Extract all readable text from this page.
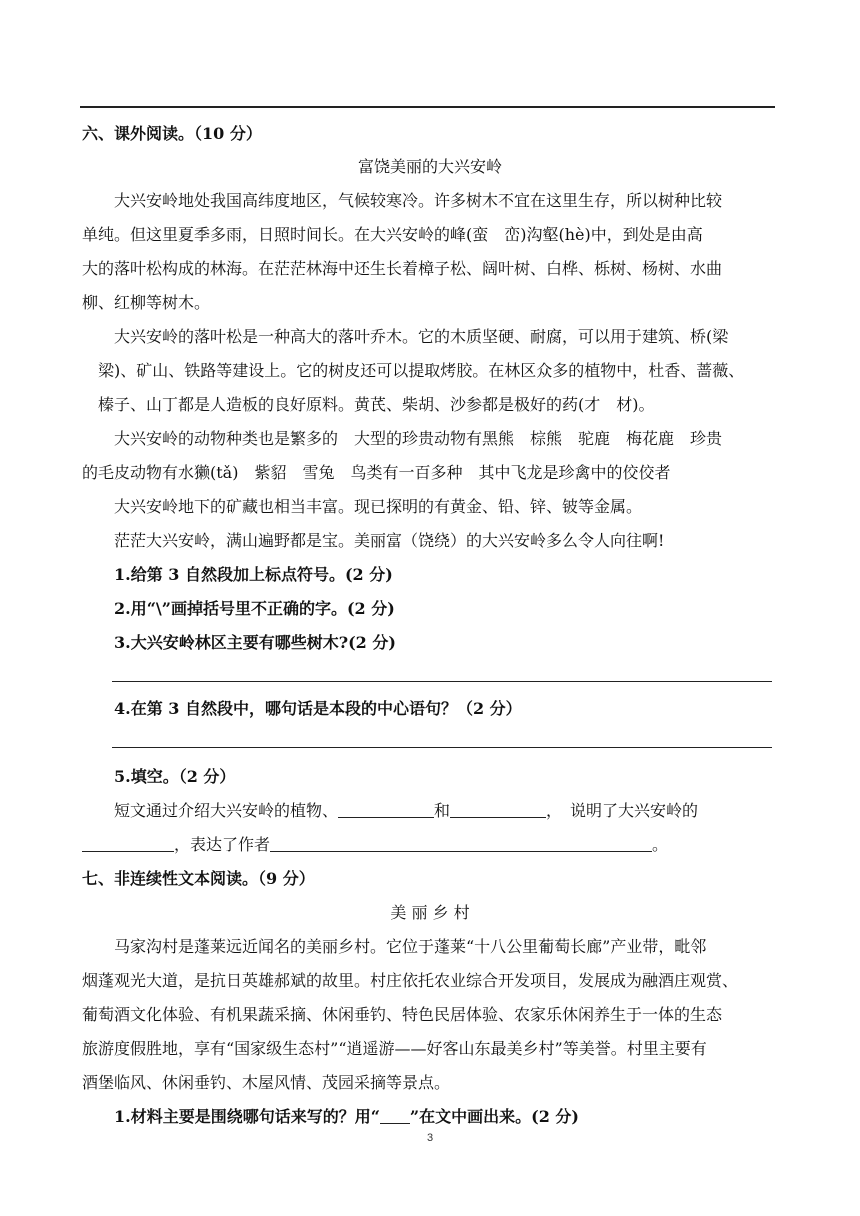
六、课外阅读。（10 分）
富饶美丽的大兴安岭
大兴安岭地处我国高纬度地区，气候较寒冷。许多树木不宜在这里生存，所以树种比较
单纯。但这里夏季多雨，日照时间长。在大兴安岭的峰(蛮　峦)沟壑(hè)中，到处是由高
大的落叶松构成的林海。在茫茫林海中还生长着樟子松、阔叶树、白桦、栎树、杨树、水曲
柳、红柳等树木。
大兴安岭的落叶松是一种高大的落叶乔木。它的木质坚硬、耐腐，可以用于建筑、桥(梁
梁)、矿山、铁路等建设上。它的树皮还可以提取烤胶。在林区众多的植物中，杜香、蔷薇、
榛子、山丁都是人造板的良好原料。黄芪、柴胡、沙参都是极好的药(才　材)。
大兴安岭的动物种类也是繁多的　大型的珍贵动物有黑熊　棕熊　驼鹿　梅花鹿　珍贵
的毛皮动物有水獭(tǎ)　紫貂　雪兔　鸟类有一百多种　其中飞龙是珍禽中的佼佼者
大兴安岭地下的矿藏也相当丰富。现已探明的有黄金、铅、锌、铍等金属。
茫茫大兴安岭，满山遍野都是宝。美丽富（饶绕）的大兴安岭多么令人向往啊!
1.给第 3 自然段加上标点符号。(2 分)
2.用“\”画掉括号里不正确的字。(2 分)
3.大兴安岭林区主要有哪些树木?(2 分)
4.在第 3 自然段中，哪句话是本段的中心语句？（2 分）
5.填空。（2 分）
短文通过介绍大兴安岭的植物、	和	，　说明了大兴安岭的
，表达了作者	。
七、非连续性文本阅读。（9 分）
美 丽 乡 村
马家沟村是蓬莱远近闻名的美丽乡村。它位于蓬莱“十八公里葡萄长廊”产业带，毗邻
烟蓬观光大道，是抗日英雄郝斌的故里。村庄依托农业综合开发项目，发展成为融酒庄观赏、
葡萄酒文化体验、有机果蔬采摘、休闲垂钓、特色民居体验、农家乐休闲养生于一体的生态
旅游度假胜地，享有“国家级生态村”“逍遥游——好客山东最美乡村”等美誉。村里主要有
酒堡临风、休闲垂钓、木屋风情、茂园采摘等景点。
1.材料主要是围绕哪句话来写的？用“ ”在文中画出来。(2 分)
3
